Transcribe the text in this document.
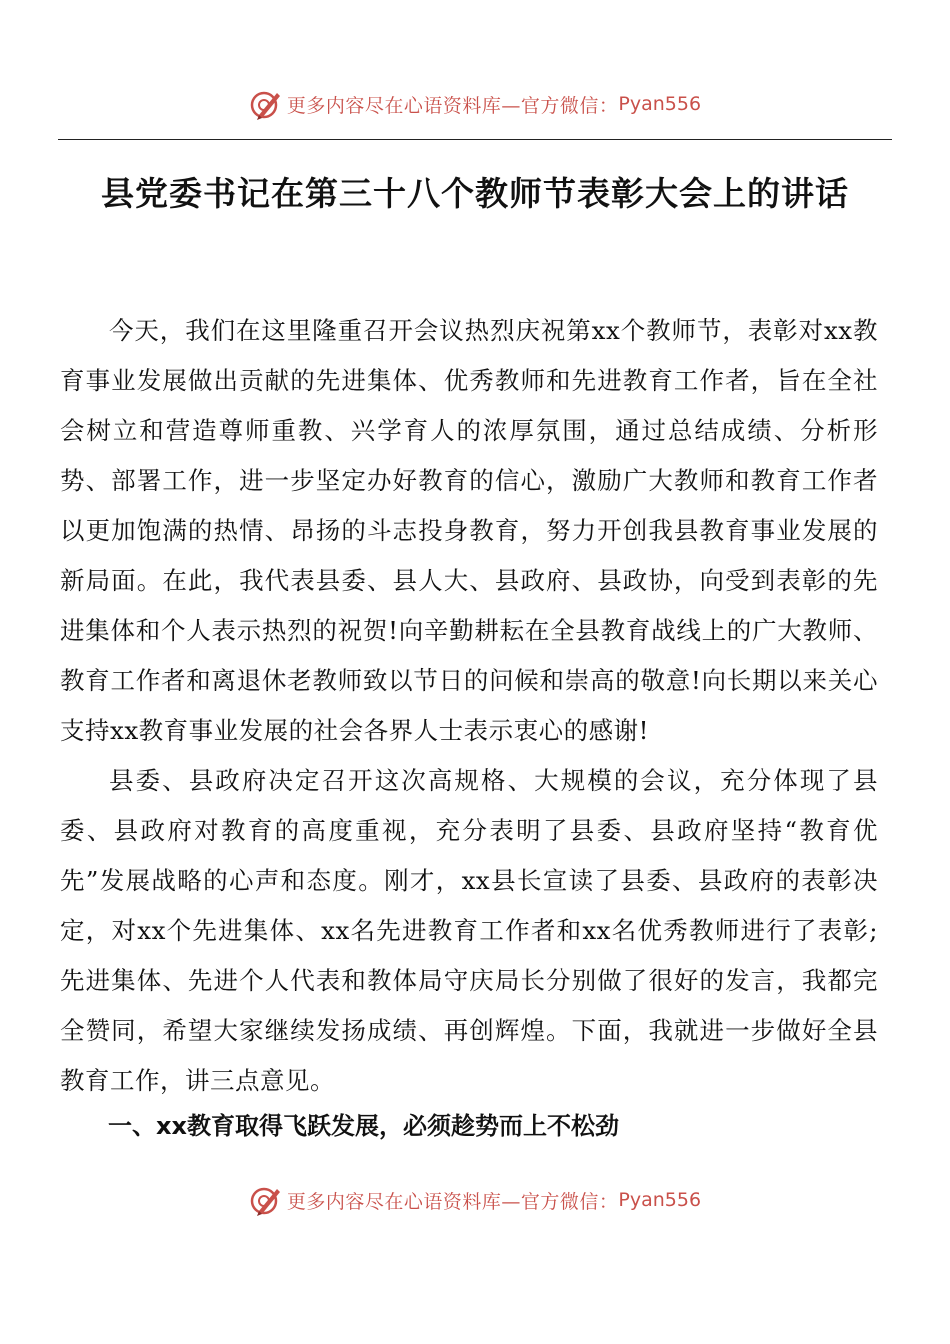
更多内容尽在心语资料库—官方微信： Pyan556
县党委书记在第三十八个教师节表彰大会上的讲话

今天，我们在这里隆重召开会议热烈庆祝第xx个教师节，表彰对xx教育事业发展做出贡献的先进集体、优秀教师和先进教育工作者，旨在全社会树立和营造尊师重教、兴学育人的浓厚氛围，通过总结成绩、分析形势、部署工作，进一步坚定办好教育的信心，激励广大教师和教育工作者以更加饱满的热情、昂扬的斗志投身教育，努力开创我县教育事业发展的新局面。在此，我代表县委、县人大、县政府、县政协，向受到表彰的先进集体和个人表示热烈的祝贺!向辛勤耕耘在全县教育战线上的广大教师、教育工作者和离退休老教师致以节日的问候和崇高的敬意!向长期以来关心支持xx教育事业发展的社会各界人士表示衷心的感谢!

县委、县政府决定召开这次高规格、大规模的会议，充分体现了县委、县政府对教育的高度重视，充分表明了县委、县政府坚持“教育优先”发展战略的心声和态度。刚才，xx县长宣读了县委、县政府的表彰决定，对xx个先进集体、xx名先进教育工作者和xx名优秀教师进行了表彰;先进集体、先进个人代表和教体局守庆局长分别做了很好的发言，我都完全赞同，希望大家继续发扬成绩、再创辉煌。下面，我就进一步做好全县教育工作，讲三点意见。

一、xx教育取得飞跃发展，必须趁势而上不松劲

更多内容尽在心语资料库—官方微信： Pyan556
